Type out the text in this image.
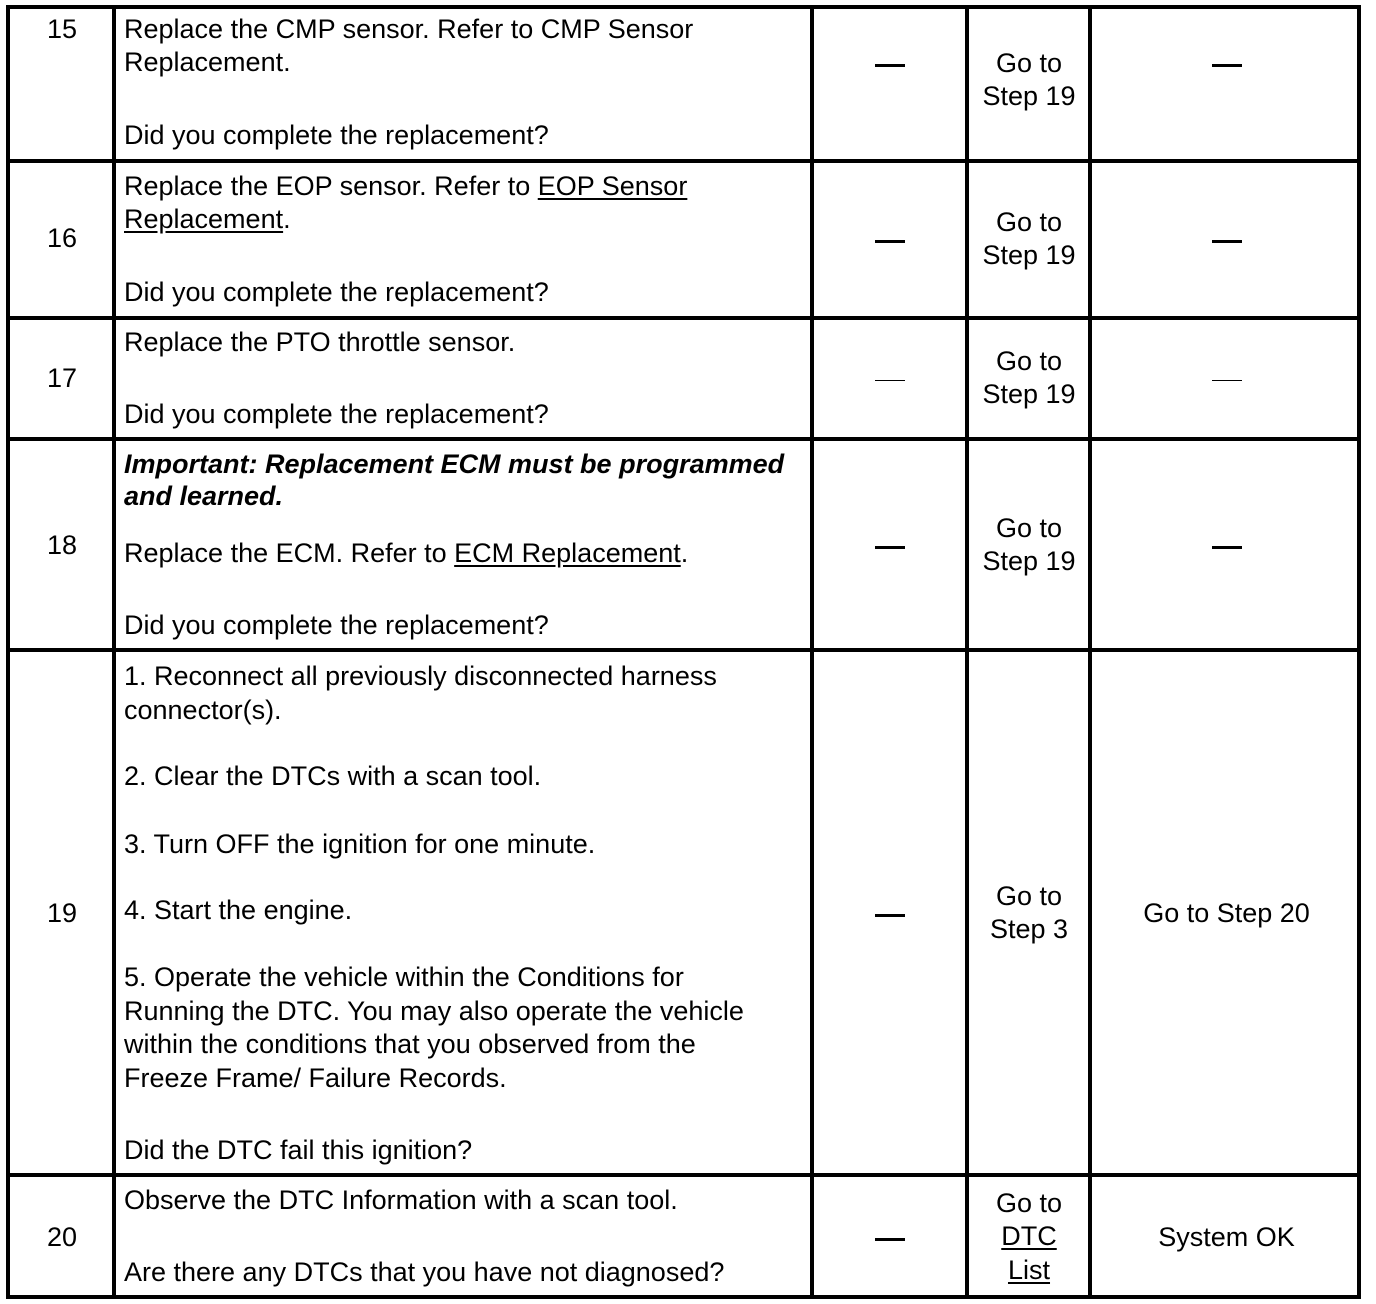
15	Replace the CMP sensor. Refer to CMP Sensor
Replacement.
Did you complete the replacement?
Go to
Step 19
16
Replace the EOP sensor. Refer to EOP Sensor
Replacement.
Did you complete the replacement?
Go to
Step 19
17
Replace the PTO throttle sensor.
Did you complete the replacement?
Go to
Step 19
18
Important: Replacement ECM must be programmed
and learned.
Replace the ECM. Refer to ECM Replacement.
Did you complete the replacement?
Go to
Step 19
19
1. Reconnect all previously disconnected harness
connector(s).
2. Clear the DTCs with a scan tool.
3. Turn OFF the ignition for one minute.
4. Start the engine.
5. Operate the vehicle within the Conditions for
Running the DTC. You may also operate the vehicle
within the conditions that you observed from the
Freeze Frame/ Failure Records.
Did the DTC fail this ignition?
Go to
Step 3
Go to Step 20
20
Observe the DTC Information with a scan tool.
Are there any DTCs that you have not diagnosed?
Go to
DTC
List
System OK
